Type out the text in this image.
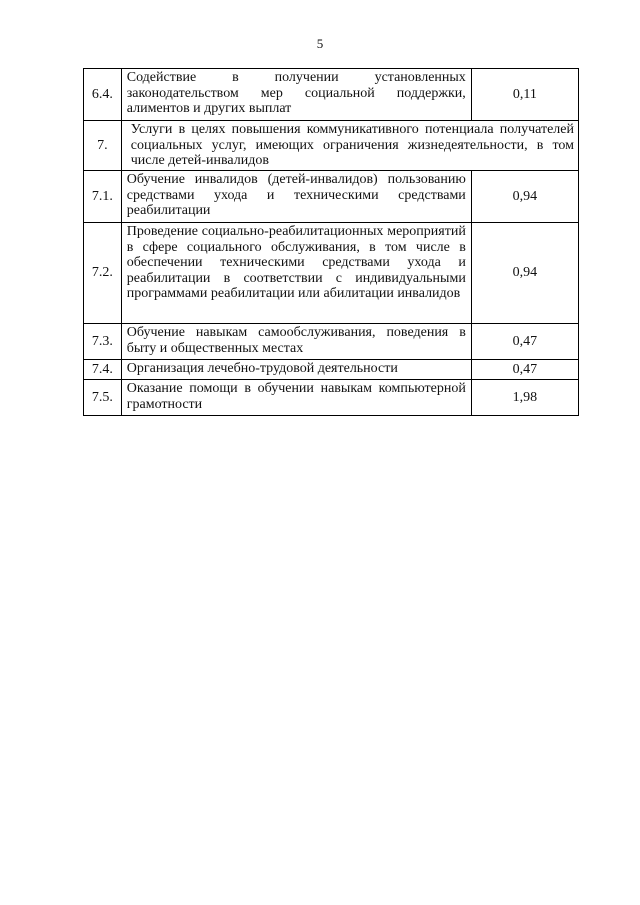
5
6.4.	Содействие в получении установленных законодательством мер социальной поддержки, алиментов и других выплат	0,11
7.	Услуги в целях повышения коммуникативного потенциала получателей социальных услуг, имеющих ограничения жизнедеятельности, в том числе детей-инвалидов	
7.1.	Обучение инвалидов (детей-инвалидов) пользованию средствами ухода и техническими средствами реабилитации	0,94
7.2.	Проведение социально-реабилитационных мероприятий в сфере социального обслуживания, в том числе в обеспечении техническими средствами ухода и реабилитации в соответствии с индивидуальными программами реабилитации или абилитации инвалидов	0,94
7.3.	Обучение навыкам самообслуживания, поведения в быту и общественных местах	0,47
7.4.	Организация лечебно-трудовой деятельности	0,47
7.5.	Оказание помощи в обучении навыкам компьютерной грамотности	1,98
